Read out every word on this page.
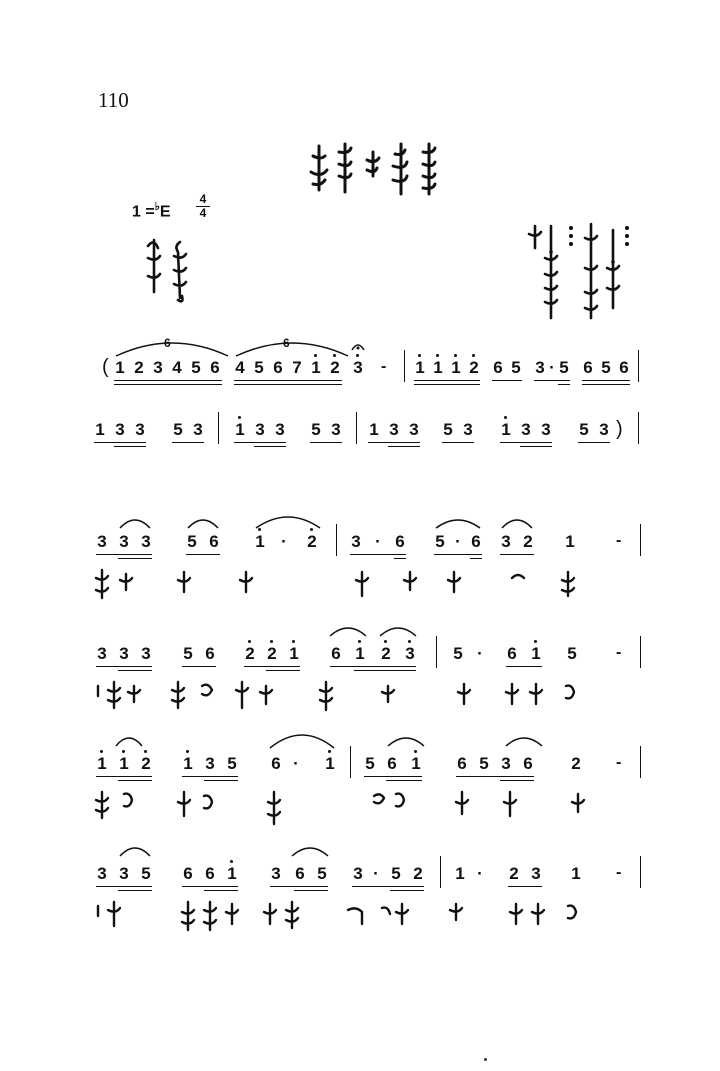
110
1 =♭E
4
4
6	6
( 1 2 3 4 5 6 4 5 6 7 1 2 3 - 1 1 1 2 6 5 3 · 5 6 5 6
1 3 3 5 3 1 3 3 5 3 1 3 3 5 3 1 3 3 5 3 )
3 3 3 5 6 1 · 2 3 · 6 5 · 6 3 2 1	-
3 3 3 5 6 2 2 1 6 1 2 3 5 · 6 1 5 -
1 1 2 1 3 5 6 · 1 5 6 1 6 5 3 6 2 -
3 3 5 6 6 1 3 6 5 3 · 5 2 1 · 2 3 1 -
